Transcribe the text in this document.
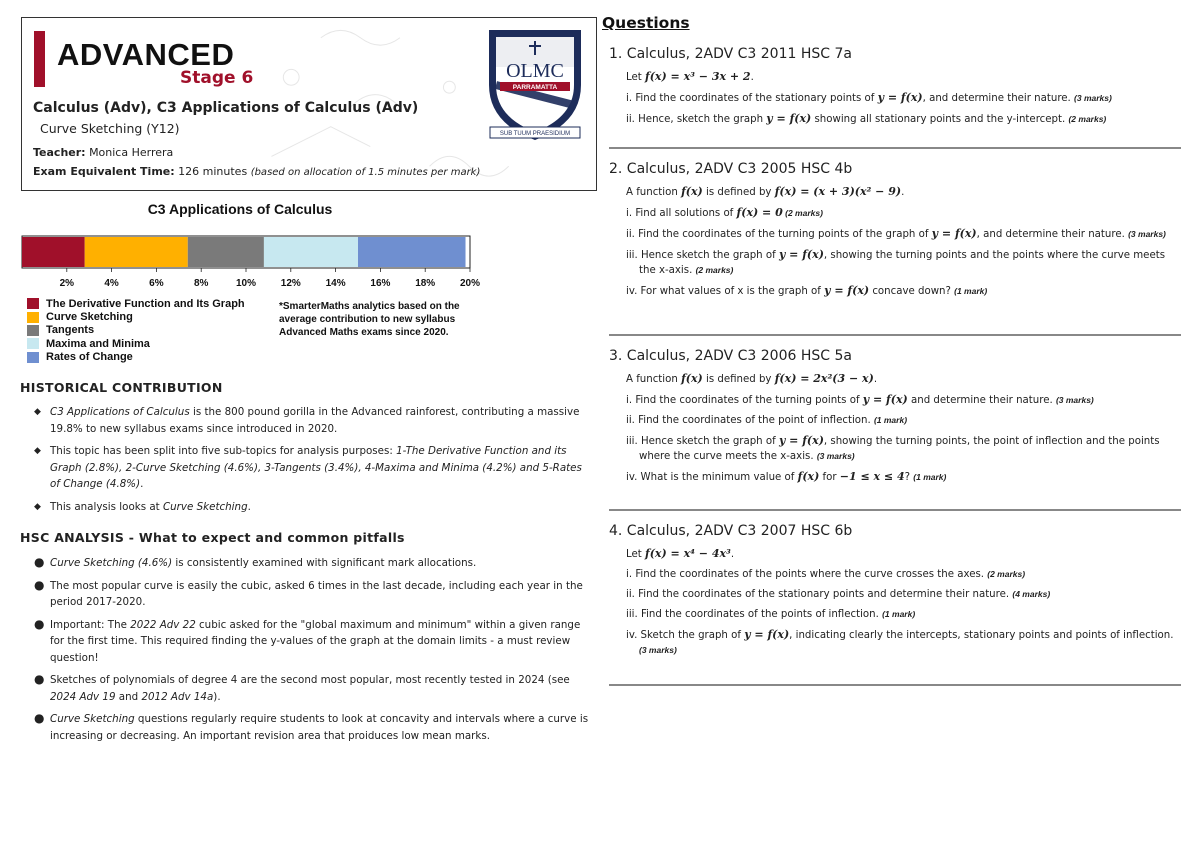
ADVANCED
Stage 6
Calculus (Adv), C3 Applications of Calculus (Adv)
Curve Sketching (Y12)
Teacher: Monica Herrera
Exam Equivalent Time: 126 minutes (based on allocation of 1.5 minutes per mark)
OLMC
PARRAMATTA
SUB TUUM PRAESIDIUM
C3 Applications of Calculus
2%	4%	6%	8%	10% 12% 14% 16% 18% 20%
The Derivative Function and Its Graph
Curve Sketching
Tangents
Maxima and Minima
Rates of Change
*SmarterMaths analytics based on the average contribution to new syllabus Advanced Maths exams since 2020.
HISTORICAL CONTRIBUTION
◆ C3 Applications of Calculus is the 800 pound gorilla in the Advanced rainforest, contributing a massive 19.8% to new syllabus exams since introduced in 2020.
◆ This topic has been split into five sub-topics for analysis purposes: 1-The Derivative Function and its Graph (2.8%), 2-Curve Sketching (4.6%), 3-Tangents (3.4%), 4-Maxima and Minima (4.2%) and 5-Rates of Change (4.8%).
◆ This analysis looks at Curve Sketching.
HSC ANALYSIS - What to expect and common pitfalls
● Curve Sketching (4.6%) is consistently examined with significant mark allocations.
● The most popular curve is easily the cubic, asked 6 times in the last decade, including each year in the period 2017-2020.
● Important: The 2022 Adv 22 cubic asked for the "global maximum and minimum" within a given range for the first time. This required finding the y-values of the graph at the domain limits - a must review question!
● Sketches of polynomials of degree 4 are the second most popular, most recently tested in 2024 (see 2024 Adv 19 and 2012 Adv 14a).
● Curve Sketching questions regularly require students to look at concavity and intervals where a curve is increasing or decreasing. An important revision area that proiduces low mean marks.
Questions
1. Calculus, 2ADV C3 2011 HSC 7a
Let f(x) = x³ − 3x + 2.
i. Find the coordinates of the stationary points of y = f(x), and determine their nature. (3 marks)
ii. Hence, sketch the graph y = f(x) showing all stationary points and the y-intercept. (2 marks)
2. Calculus, 2ADV C3 2005 HSC 4b
A function f(x) is defined by f(x) = (x + 3)(x² − 9).
i. Find all solutions of f(x) = 0 (2 marks)
ii. Find the coordinates of the turning points of the graph of y = f(x), and determine their nature. (3 marks)
iii. Hence sketch the graph of y = f(x), showing the turning points and the points where the curve meets the x-axis. (2 marks)
iv. For what values of x is the graph of y = f(x) concave down? (1 mark)
3. Calculus, 2ADV C3 2006 HSC 5a
A function f(x) is defined by f(x) = 2x²(3 − x).
i. Find the coordinates of the turning points of y = f(x) and determine their nature. (3 marks)
ii. Find the coordinates of the point of inflection. (1 mark)
iii. Hence sketch the graph of y = f(x), showing the turning points, the point of inflection and the points where the curve meets the x-axis. (3 marks)
iv. What is the minimum value of f(x) for −1 ≤ x ≤ 4? (1 mark)
4. Calculus, 2ADV C3 2007 HSC 6b
Let f(x) = x⁴ − 4x³.
i. Find the coordinates of the points where the curve crosses the axes. (2 marks)
ii. Find the coordinates of the stationary points and determine their nature. (4 marks)
iii. Find the coordinates of the points of inflection. (1 mark)
iv. Sketch the graph of y = f(x), indicating clearly the intercepts, stationary points and points of inflection. (3 marks)
